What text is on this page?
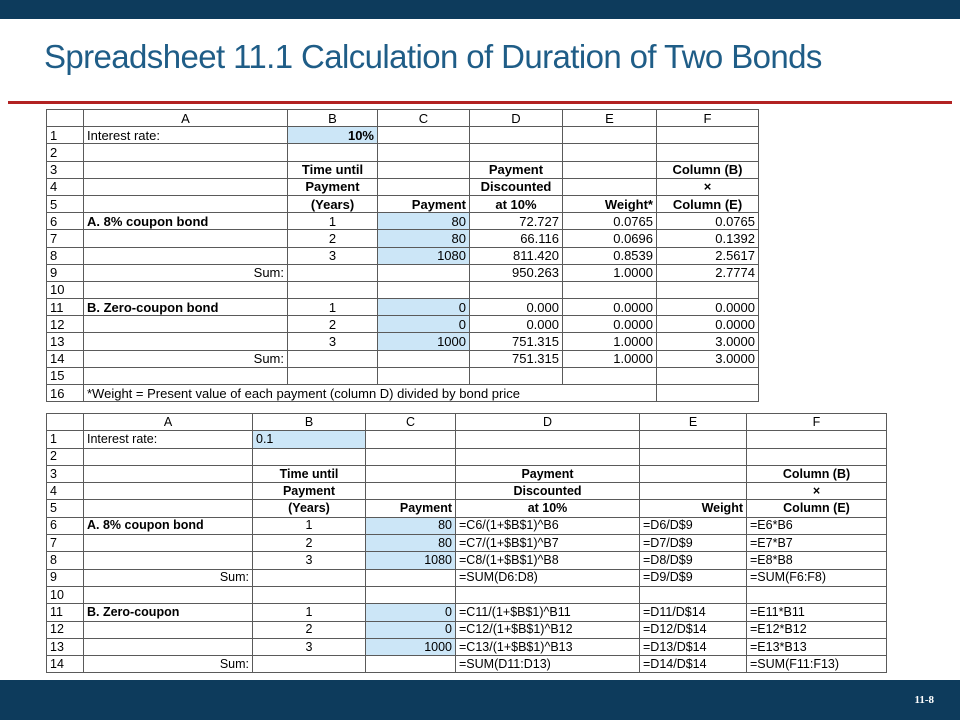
Spreadsheet 11.1 Calculation of Duration of Two Bonds
	A	B	C	D	E	F
1	Interest rate:	10%				
2						
3		Time until		Payment		Column (B)
4		Payment		Discounted		×
5		(Years)	Payment	at 10%	Weight*	Column (E)
6	A. 8% coupon bond	1	80	72.727	0.0765	0.0765
7		2	80	66.116	0.0696	0.1392
8		3	1080	811.420	0.8539	2.5617
9	Sum:			950.263	1.0000	2.7774
10						
11	B. Zero-coupon bond	1	0	0.000	0.0000	0.0000
12		2	0	0.000	0.0000	0.0000
13		3	1000	751.315	1.0000	3.0000
14	Sum:			751.315	1.0000	3.0000
15						
16	*Weight = Present value of each payment (column D) divided by bond price					
	A	B	C	D	E	F
1	Interest rate:	0.1				
2						
3		Time until		Payment		Column (B)
4		Payment		Discounted		×
5		(Years)	Payment	at 10%	Weight	Column (E)
6	A. 8% coupon bond	1	80	=C6/(1+$B$1)^B6	=D6/D$9	=E6*B6
7		2	80	=C7/(1+$B$1)^B7	=D7/D$9	=E7*B7
8		3	1080	=C8/(1+$B$1)^B8	=D8/D$9	=E8*B8
9	Sum:			=SUM(D6:D8)	=D9/D$9	=SUM(F6:F8)
10						
11	B. Zero-coupon	1	0	=C11/(1+$B$1)^B11	=D11/D$14	=E11*B11
12		2	0	=C12/(1+$B$1)^B12	=D12/D$14	=E12*B12
13		3	1000	=C13/(1+$B$1)^B13	=D13/D$14	=E13*B13
14	Sum:			=SUM(D11:D13)	=D14/D$14	=SUM(F11:F13)
11-8
